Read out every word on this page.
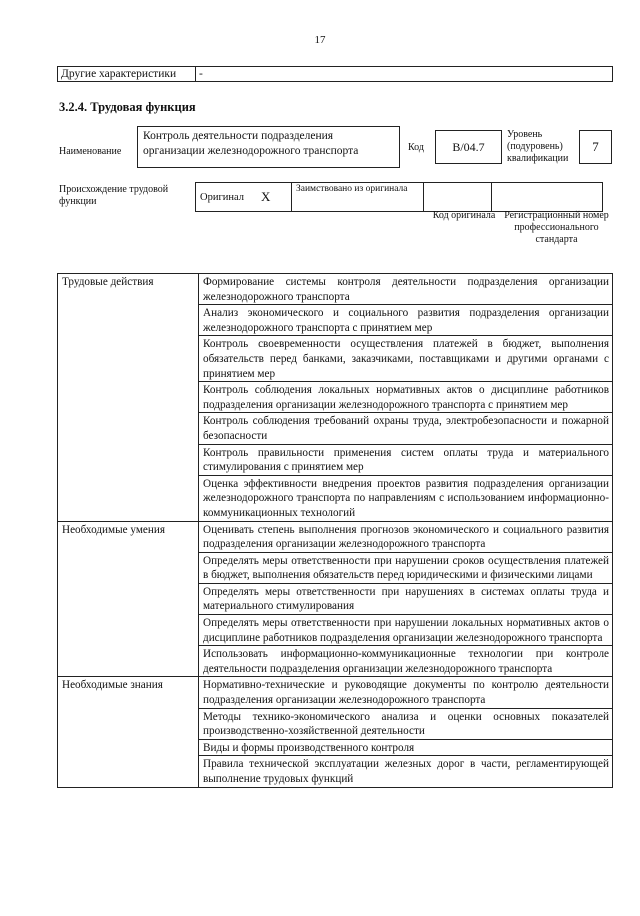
17
Другие характеристики	-
3.2.4. Трудовая функция
Наименование
Контроль деятельности подразделения организации железнодорожного транспорта	Код	В/04.7
Уровень (подуровень) квалификации
7
Происхождение трудовой функции	Оригинал	X	Заимствовано из оригинала		
Код оригинала Регистрационный номер профессионального стандарта
Трудовые действия	Формирование системы контроля деятельности подразделения организации железнодорожного транспорта
	Анализ экономического и социального развития подразделения организации железнодорожного транспорта с принятием мер
	Контроль своевременности осуществления платежей в бюджет, выполнения обязательств перед банками, заказчиками, поставщиками и другими органами с принятием мер
	Контроль соблюдения локальных нормативных актов о дисциплине работников подразделения организации железнодорожного транспорта с принятием мер
	Контроль соблюдения требований охраны труда, электробезопасности и пожарной безопасности
	Контроль правильности применения систем оплаты труда и материального стимулирования с принятием мер
	Оценка эффективности внедрения проектов развития подразделения организации железнодорожного транспорта по направлениям с использованием информационно-коммуникационных технологий
Необходимые умения	Оценивать степень выполнения прогнозов экономического и социального развития подразделения организации железнодорожного транспорта
	Определять меры ответственности при нарушении сроков осуществления платежей в бюджет, выполнения обязательств перед юридическими и физическими лицами
	Определять меры ответственности при нарушениях в системах оплаты труда и материального стимулирования
	Определять меры ответственности при нарушении локальных нормативных актов о дисциплине работников подразделения организации железнодорожного транспорта
	Использовать информационно-коммуникационные технологии при контроле деятельности подразделения организации железнодорожного транспорта
Необходимые знания	Нормативно-технические и руководящие документы по контролю деятельности подразделения организации железнодорожного транспорта
	Методы технико-экономического анализа и оценки основных показателей производственно-хозяйственной деятельности
	Виды и формы производственного контроля
	Правила технической эксплуатации железных дорог в части, регламентирующей выполнение трудовых функций
